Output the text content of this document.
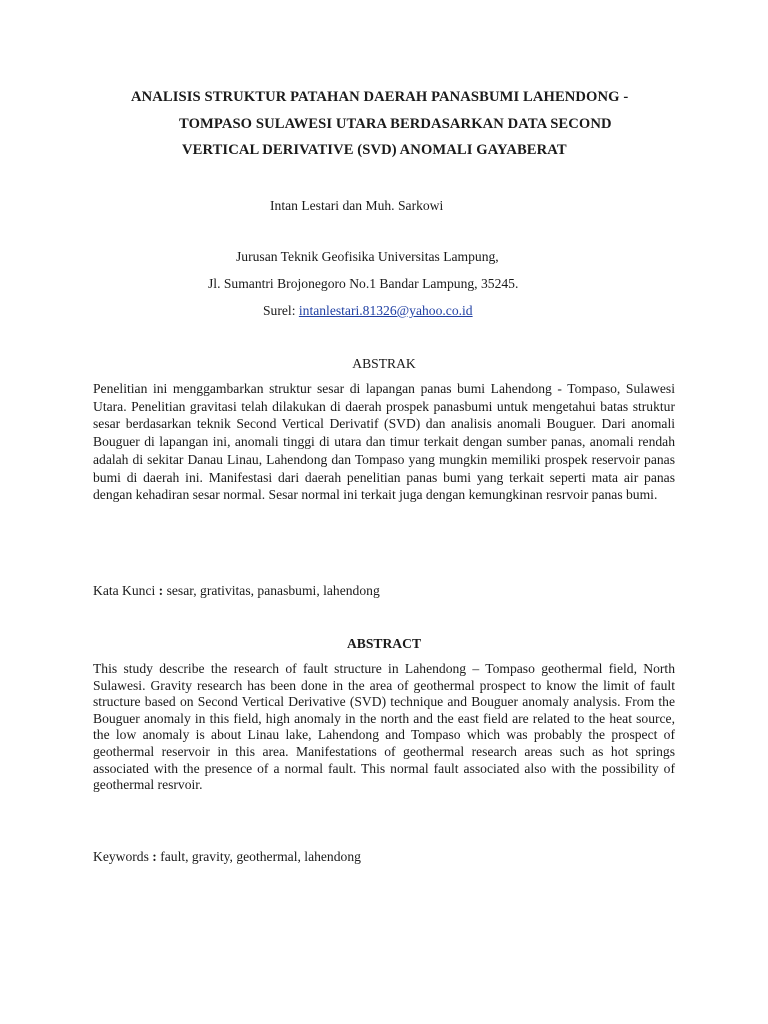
ANALISIS STRUKTUR PATAHAN DAERAH PANASBUMI LAHENDONG -
TOMPASO SULAWESI UTARA BERDASARKAN DATA SECOND
VERTICAL DERIVATIVE (SVD) ANOMALI GAYABERAT
Intan Lestari dan Muh. Sarkowi
Jurusan Teknik Geofisika Universitas Lampung,
Jl. Sumantri Brojonegoro No.1 Bandar Lampung, 35245.
Surel: intanlestari.81326@yahoo.co.id
ABSTRAK

Penelitian ini menggambarkan struktur sesar di lapangan panas bumi Lahendong - Tompaso, Sulawesi Utara. Penelitian gravitasi telah dilakukan di daerah prospek panasbumi untuk mengetahui batas struktur sesar berdasarkan teknik Second Vertical Derivatif (SVD) dan analisis anomali Bouguer. Dari anomali Bouguer di lapangan ini, anomali tinggi di utara dan timur terkait dengan sumber panas, anomali rendah adalah di sekitar Danau Linau, Lahendong dan Tompaso yang mungkin memiliki prospek reservoir panas bumi di daerah ini. Manifestasi dari daerah penelitian panas bumi yang terkait seperti mata air panas dengan kehadiran sesar normal. Sesar normal ini terkait juga dengan kemungkinan resrvoir panas bumi.

Kata Kunci : sesar, grativitas, panasbumi, lahendong
ABSTRACT

This study describe the research of fault structure in Lahendong – Tompaso geothermal field, North Sulawesi. Gravity research has been done in the area of geothermal prospect to know the limit of fault structure based on Second Vertical Derivative (SVD) technique and Bouguer anomaly analysis. From the Bouguer anomaly in this field, high anomaly in the north and the east field are related to the heat source, the low anomaly is about Linau lake, Lahendong and Tompaso which was probably the prospect of geothermal reservoir in this area. Manifestations of geothermal research areas such as hot springs associated with the presence of a normal fault. This normal fault associated also with the possibility of geothermal resrvoir.

Keywords : fault, gravity, geothermal, lahendong
